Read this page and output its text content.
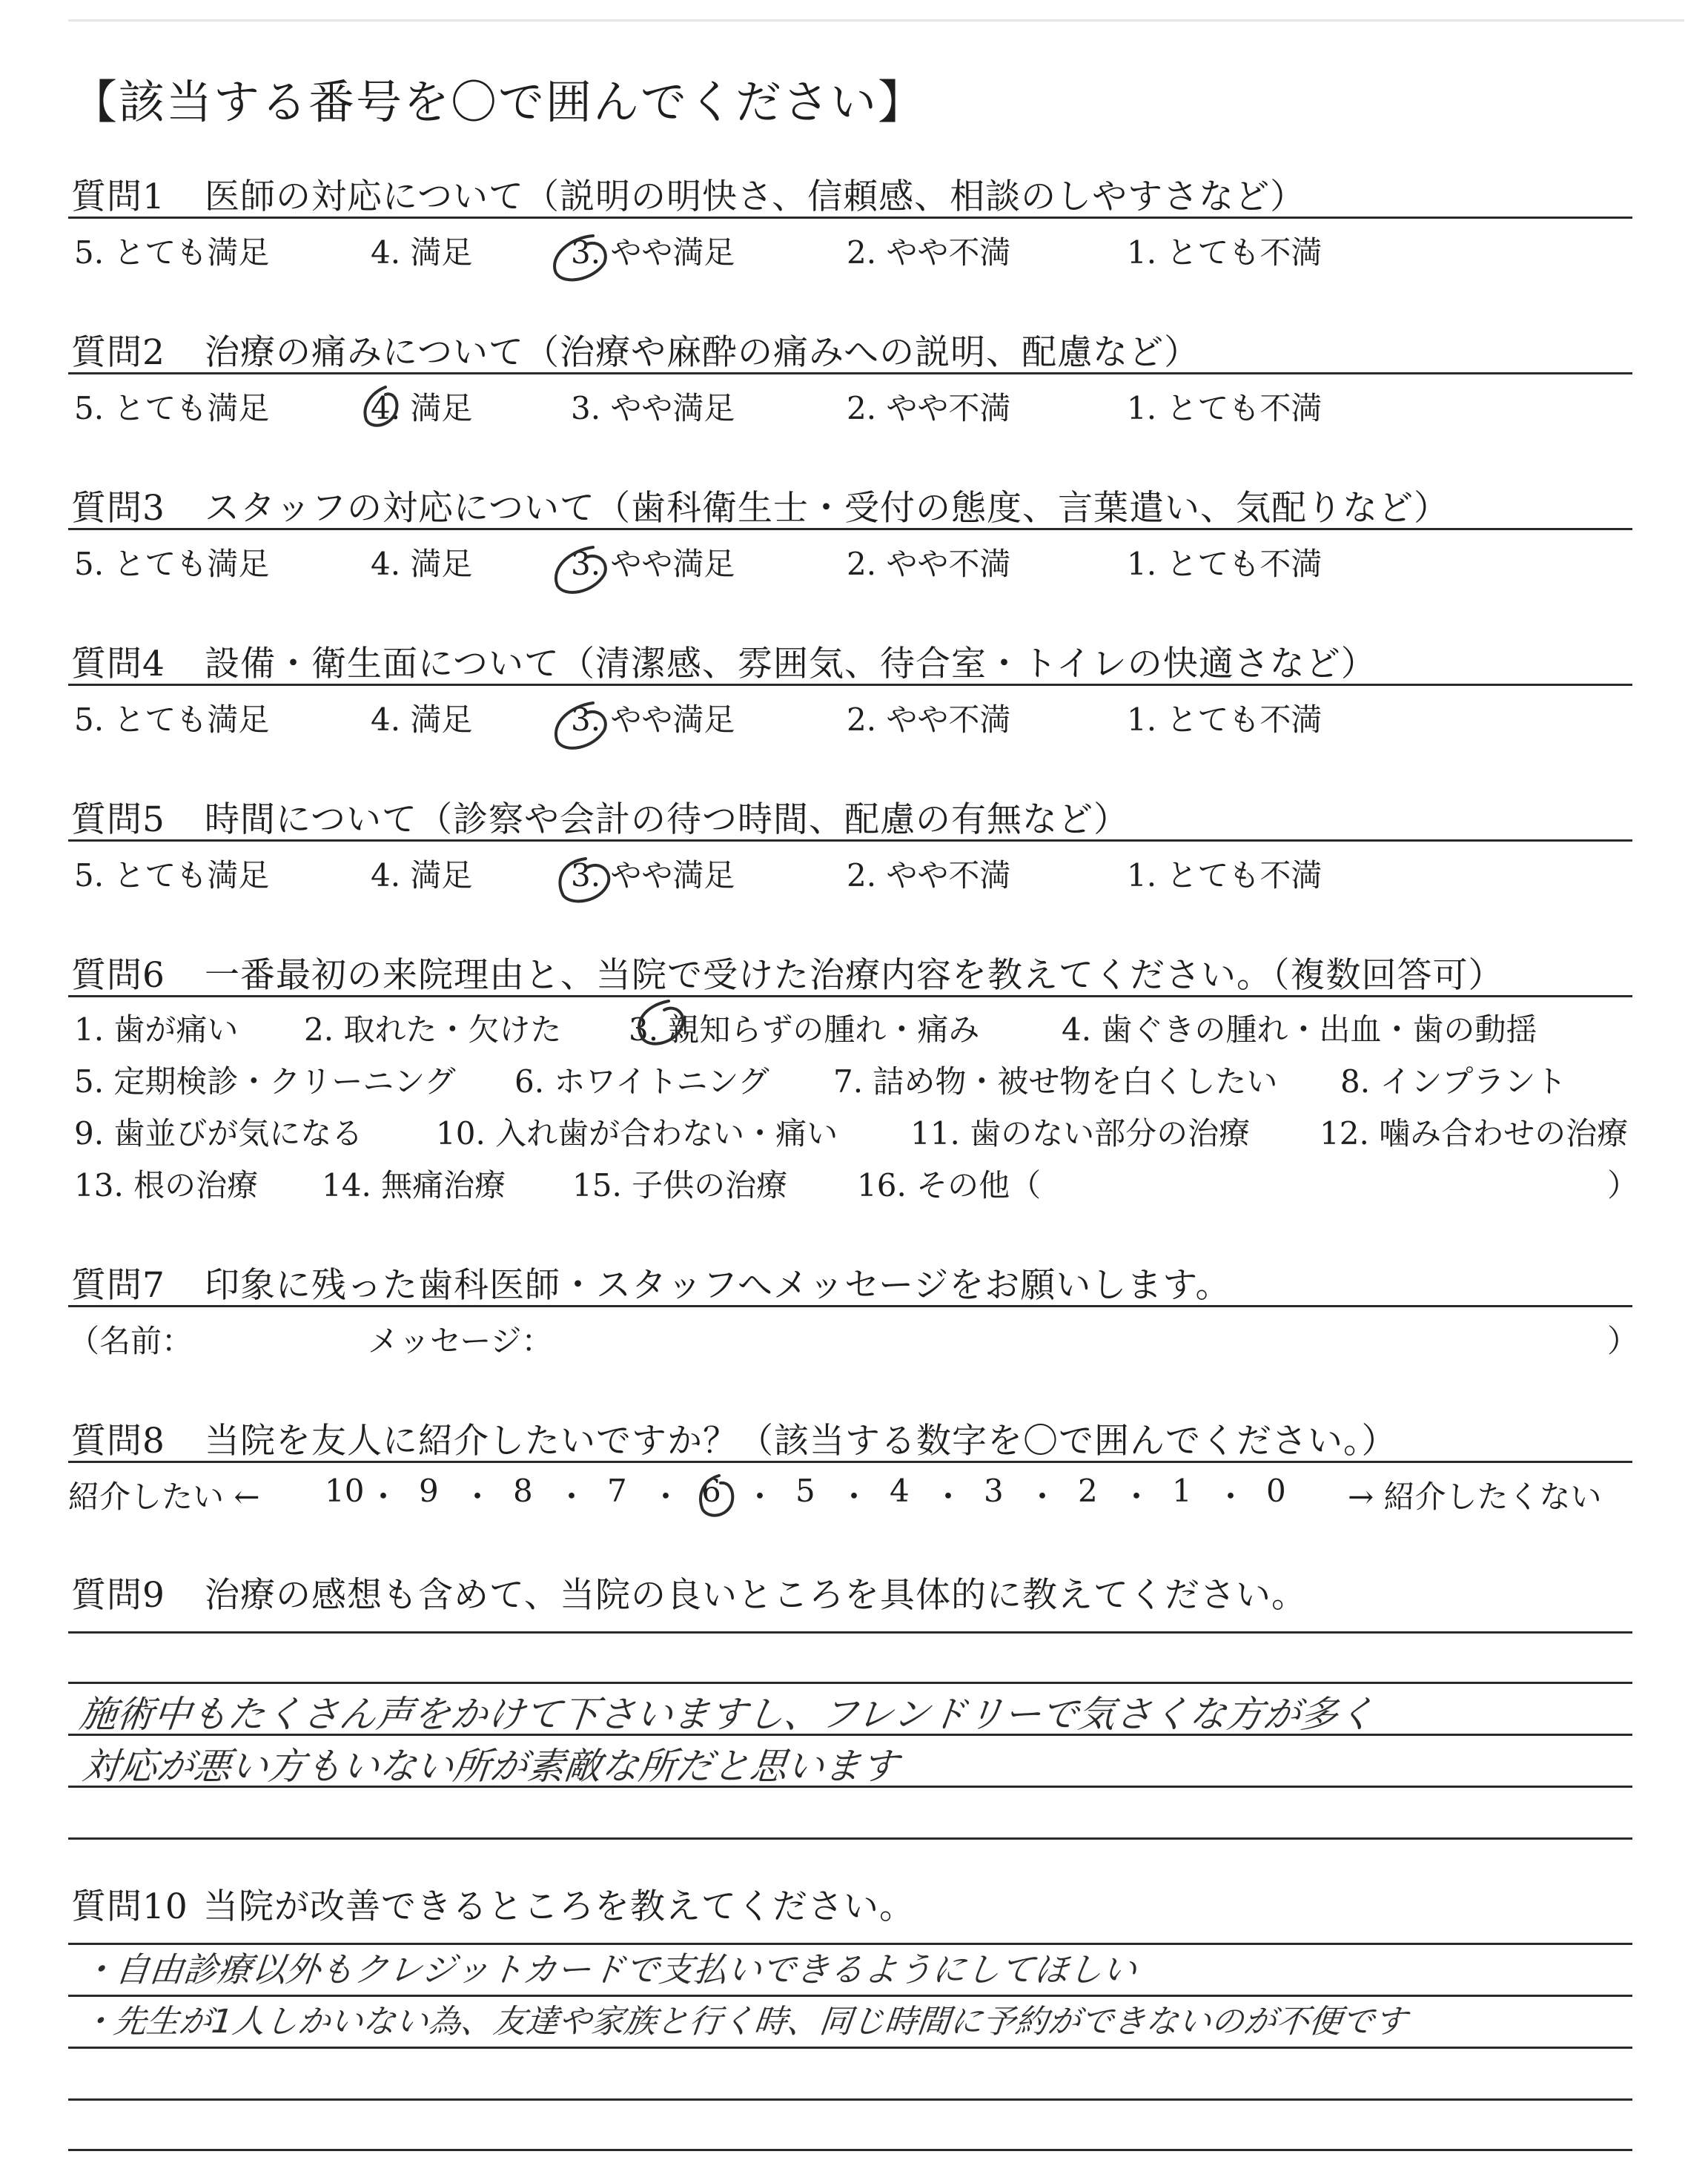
【該当する番号を〇で囲んでください】
質問1 医師の対応について（説明の明快さ、信頼感、相談のしやすさなど）
5. とても満足	4. 満足	3. やや満足	2. やや不満	1. とても不満
質問2 治療の痛みについて（治療や麻酔の痛みへの説明、配慮など）
5. とても満足	4. 満足	3. やや満足	2. やや不満	1. とても不満
質問3 スタッフの対応について（歯科衛生士・受付の態度、言葉遣い、気配りなど）
5. とても満足	4. 満足	3. やや満足	2. やや不満	1. とても不満
質問4 設備・衛生面について（清潔感、雰囲気、待合室・トイレの快適さなど）
5. とても満足	4. 満足	3. やや満足	2. やや不満	1. とても不満
質問5 時間について（診察や会計の待つ時間、配慮の有無など）
5. とても満足	4. 満足	3. やや満足	2. やや不満	1. とても不満
質問6 一番最初の来院理由と、当院で受けた治療内容を教えてください。（複数回答可）
1. 歯が痛い 2. 取れた・欠けた 3. 親知らずの腫れ・痛み	4. 歯ぐきの腫れ・出血・歯の動揺
5. 定期検診・クリーニング 6. ホワイトニング 7. 詰め物・被せ物を白くしたい 8. インプラント
9. 歯並びが気になる 10. 入れ歯が合わない・痛い 11. 歯のない部分の治療 12. 噛み合わせの治療
13. 根の治療 14. 無痛治療 15. 子供の治療 16. その他（	）
質問7 印象に残った歯科医師・スタッフへメッセージをお願いします。
（名前：	メッセージ：	）
質問8 当院を友人に紹介したいですか？（該当する数字を〇で囲んでください。）
紹介したい ← 10 ・ 9 ・ 8 ・ 7 ・ 6 ・ 5 ・ 4 ・ 3 ・ 2 ・ 1 ・ 0 → 紹介したくない
質問9 治療の感想も含めて、当院の良いところを具体的に教えてください。
施術中もたくさん声をかけて下さいますし、フレンドリーで気さくな方が多く
対応が悪い方もいない所が素敵な所だと思います
質問10 当院が改善できるところを教えてください。
・自由診療以外もクレジットカードで支払いできるようにしてほしい
・先生が1人しかいない為、友達や家族と行く時、同じ時間に予約ができないのが不便です
